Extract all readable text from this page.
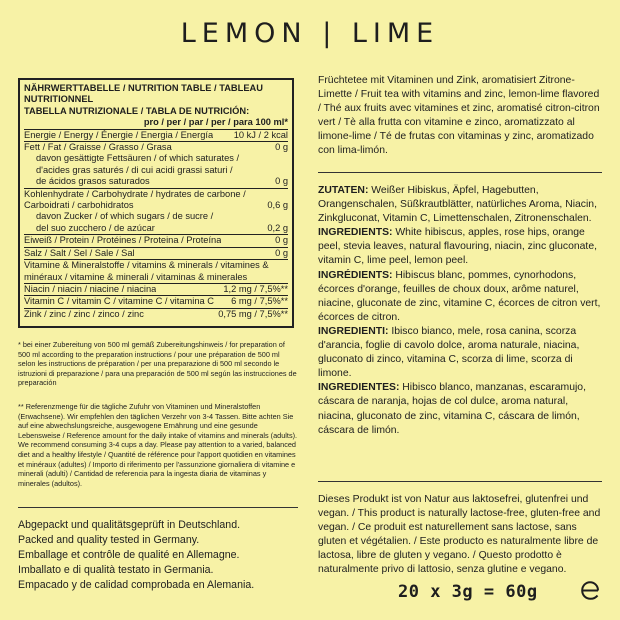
LEMON | LIME
NÄHRWERTTABELLE / NUTRITION TABLE / TABLEAU NUTRITIONNEL
TABELLA NUTRIZIONALE / TABLA DE NUTRICIÓN:
pro / per / par / per / para 100 ml*
Energie / Energy / Énergie / Energia / Energía 10 kJ / 2 kcal
Fett / Fat / Graisse / Grasso / Grasa	0 g
davon gesättigte Fettsäuren / of which saturates /
d'acides gras saturés / di cui acidi grassi saturi /
de ácidos grasos saturados	0 g
Kohlenhydrate / Carbohydrate / hydrates de carbone /
Carboidrati / carbohidratos	0,6 g
davon Zucker / of which sugars / de sucre /
del suo zucchero / de azúcar	0,2 g
Eiweiß / Protein / Protéines / Proteina / Proteína	0 g
Salz / Salt / Sel / Sale / Sal	0 g
Vitamine & Mineralstoffe / vitamins & minerals / vitamines & minéraux / vitamine & minerali / vitaminas & minerales
Niacin / niacin / niacine / niacina	1,2 mg / 7,5%**
Vitamin C / vitamin C / vitamine C / vitamina C 6 mg / 7,5%**
Zink / zinc / zinc / zinco / zinc	0,75 mg / 7,5%**
* bei einer Zubereitung von 500 ml gemäß Zubereitungshinweis / for preparation of 500 ml according to the preparation instructions / pour une préparation de 500 ml selon les instructions de préparation / per una preparazione di 500 ml secondo le istruzioni di preparazione / para una preparación de 500 ml según las instrucciones de preparación
** Referenzmenge für die tägliche Zufuhr von Vitaminen und Mineralstoffen (Erwachsene). Wir empfehlen den täglichen Verzehr von 3-4 Tassen. Bitte achten Sie auf eine abwechslungsreiche, ausgewogene Ernährung und eine gesunde Lebensweise / Reference amount for the daily intake of vitamins and minerals (adults). We recommend consuming 3-4 cups a day. Please pay attention to a varied, balanced diet and a healthy lifestyle / Quantité de référence pour l'apport quotidien en vitamines et minéraux (adultes) / Importo di riferimento per l'assunzione giornaliera di vitamine e minerali (adulti) / Cantidad de referencia para la ingesta diaria de vitaminas y minerales (adultos).
Abgepackt und qualitätsgeprüft in Deutschland.
Packed and quality tested in Germany.
Emballage et contrôle de qualité en Allemagne.
Imballato e di qualità testato in Germania.
Empacado y de calidad comprobada en Alemania.
Früchtetee mit Vitaminen und Zink, aromatisiert Zitrone-Limette / Fruit tea with vitamins and zinc, lemon-lime flavored / Thé aux fruits avec vitamines et zinc, aromatisé citron-citron vert / Tè alla frutta con vitamine e zinco, aromatizzato al limone-lime / Té de frutas con vitaminas y zinc, aromatizado con lima-limón.

ZUTATEN: Weißer Hibiskus, Äpfel, Hagebutten, Orangenschalen, Süßkrautblätter, natürliches Aroma, Niacin, Zinkgluconat, Vitamin C, Limettenschalen, Zitronenschalen.

INGREDIENTS: White hibiscus, apples, rose hips, orange peel, stevia leaves, natural flavouring, niacin, zinc gluconate, vitamin C, lime peel, lemon peel.

INGRÉDIENTS: Hibiscus blanc, pommes, cynorhodons, écorces d'orange, feuilles de choux doux, arôme naturel, niacine, gluconate de zinc, vitamine C, écorces de citron vert, écorces de citron.

INGREDIENTI: Ibisco bianco, mele, rosa canina, scorza d'arancia, foglie di cavolo dolce, aroma naturale, niacina, gluconato di zinco, vitamina C, scorza di lime, scorza di limone.

INGREDIENTES: Hibisco blanco, manzanas, escaramujo, cáscara de naranja, hojas de col dulce, aroma natural, niacina, gluconato de zinc, vitamina C, cáscara de limón, cáscara de limón.

Dieses Produkt ist von Natur aus laktosefrei, glutenfrei und vegan. / This product is naturally lactose-free, gluten-free and vegan. / Ce produit est naturellement sans lactose, sans gluten et végétalien. / Este producto es naturalmente libre de lactosa, libre de gluten y vegano. / Questo prodotto è naturalmente privo di lattosio, senza glutine e vegano.
20 x 3g = 60g
